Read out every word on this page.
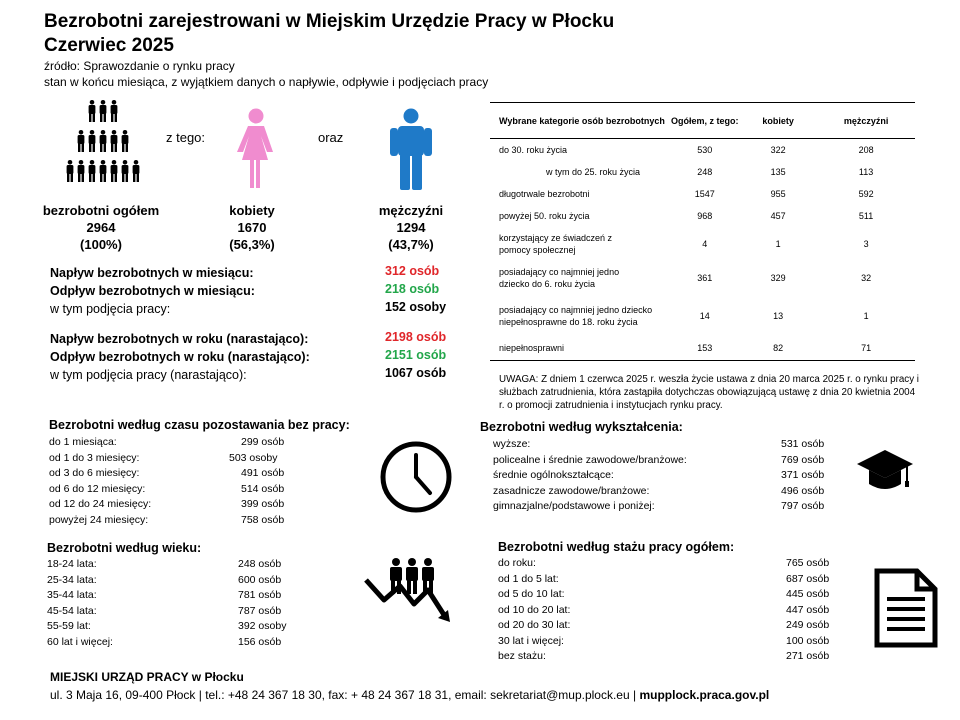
Bezrobotni zarejestrowani w Miejskim Urzędzie Pracy w Płocku
Czerwiec 2025
źródło: Sprawozdanie o rynku pracy
stan w końcu miesiąca, z wyjątkiem danych o napływie, odpływie i podjęciach pracy
z tego:	oraz
bezrobotni ogółem
2964
(100%)
kobiety
1670
(56,3%)
mężczyźni
1294
(43,7%)
Napływ bezrobotnych w miesiącu:	312 osób
Odpływ bezrobotnych w miesiącu:	218 osób
w tym podjęcia pracy:	152 osoby
Napływ bezrobotnych w roku (narastająco):	2198 osób
Odpływ bezrobotnych w roku (narastająco):	2151 osób
w tym podjęcia pracy (narastająco):	1067 osób
Wybrane kategorie osób bezrobotnych	Ogółem, z tego:	kobiety	mężczyźni
do 30. roku życia	530	322	208
w tym do 25. roku życia	248	135	113
długotrwale bezrobotni	1547	955	592
powyżej 50. roku życia	968	457	511
korzystający ze świadczeń z pomocy społecznej	4	1	3
posiadający co najmniej jedno dziecko do 6. roku życia	361	329	32
posiadający co najmniej jedno dziecko niepełnosprawne do 18. roku życia	14	13	1
niepełnosprawni	153	82	71
UWAGA: Z dniem 1 czerwca 2025 r. weszła życie ustawa z dnia 20 marca 2025 r. o rynku pracy i służbach zatrudnienia, która zastąpiła dotychczas obowiązującą ustawę z dnia 20 kwietnia 2004 r. o promocji zatrudnienia i instytucjach rynku pracy.
Bezrobotni według czasu pozostawania bez pracy:
do 1 miesiąca:	299 osób
od 1 do 3 miesięcy:	503 osoby
od 3 do 6 miesięcy:	491 osób
od 6 do 12 miesięcy:	514 osób
od 12 do 24 miesięcy:	399 osób
powyżej 24 miesięcy:	758 osób
Bezrobotni według wykształcenia:
wyższe:	531 osób
policealne i średnie zawodowe/branżowe:	769 osób
średnie ogólnokształcące:	371 osób
zasadnicze zawodowe/branżowe:	496 osób
gimnazjalne/podstawowe i poniżej:	797 osób
Bezrobotni według wieku:
18-24 lata:	248 osób
25-34 lata:	600 osób
35-44 lata:	781 osób
45-54 lata:	787 osób
55-59 lat:	392 osoby
60 lat i więcej:	156 osób
Bezrobotni według stażu pracy ogółem:
do roku:	765 osób
od 1 do 5 lat:	687 osób
od 5 do 10 lat:	445 osób
od 10 do 20 lat:	447 osób
od 20 do 30 lat:	249 osób
30 lat i więcej:	100 osób
bez stażu:	271 osób
MIEJSKI URZĄD PRACY w Płocku
ul. 3 Maja 16, 09-400 Płock | tel.: +48 24 367 18 30, fax: + 48 24 367 18 31, email: sekretariat@mup.plock.eu | mupplock.praca.gov.pl
